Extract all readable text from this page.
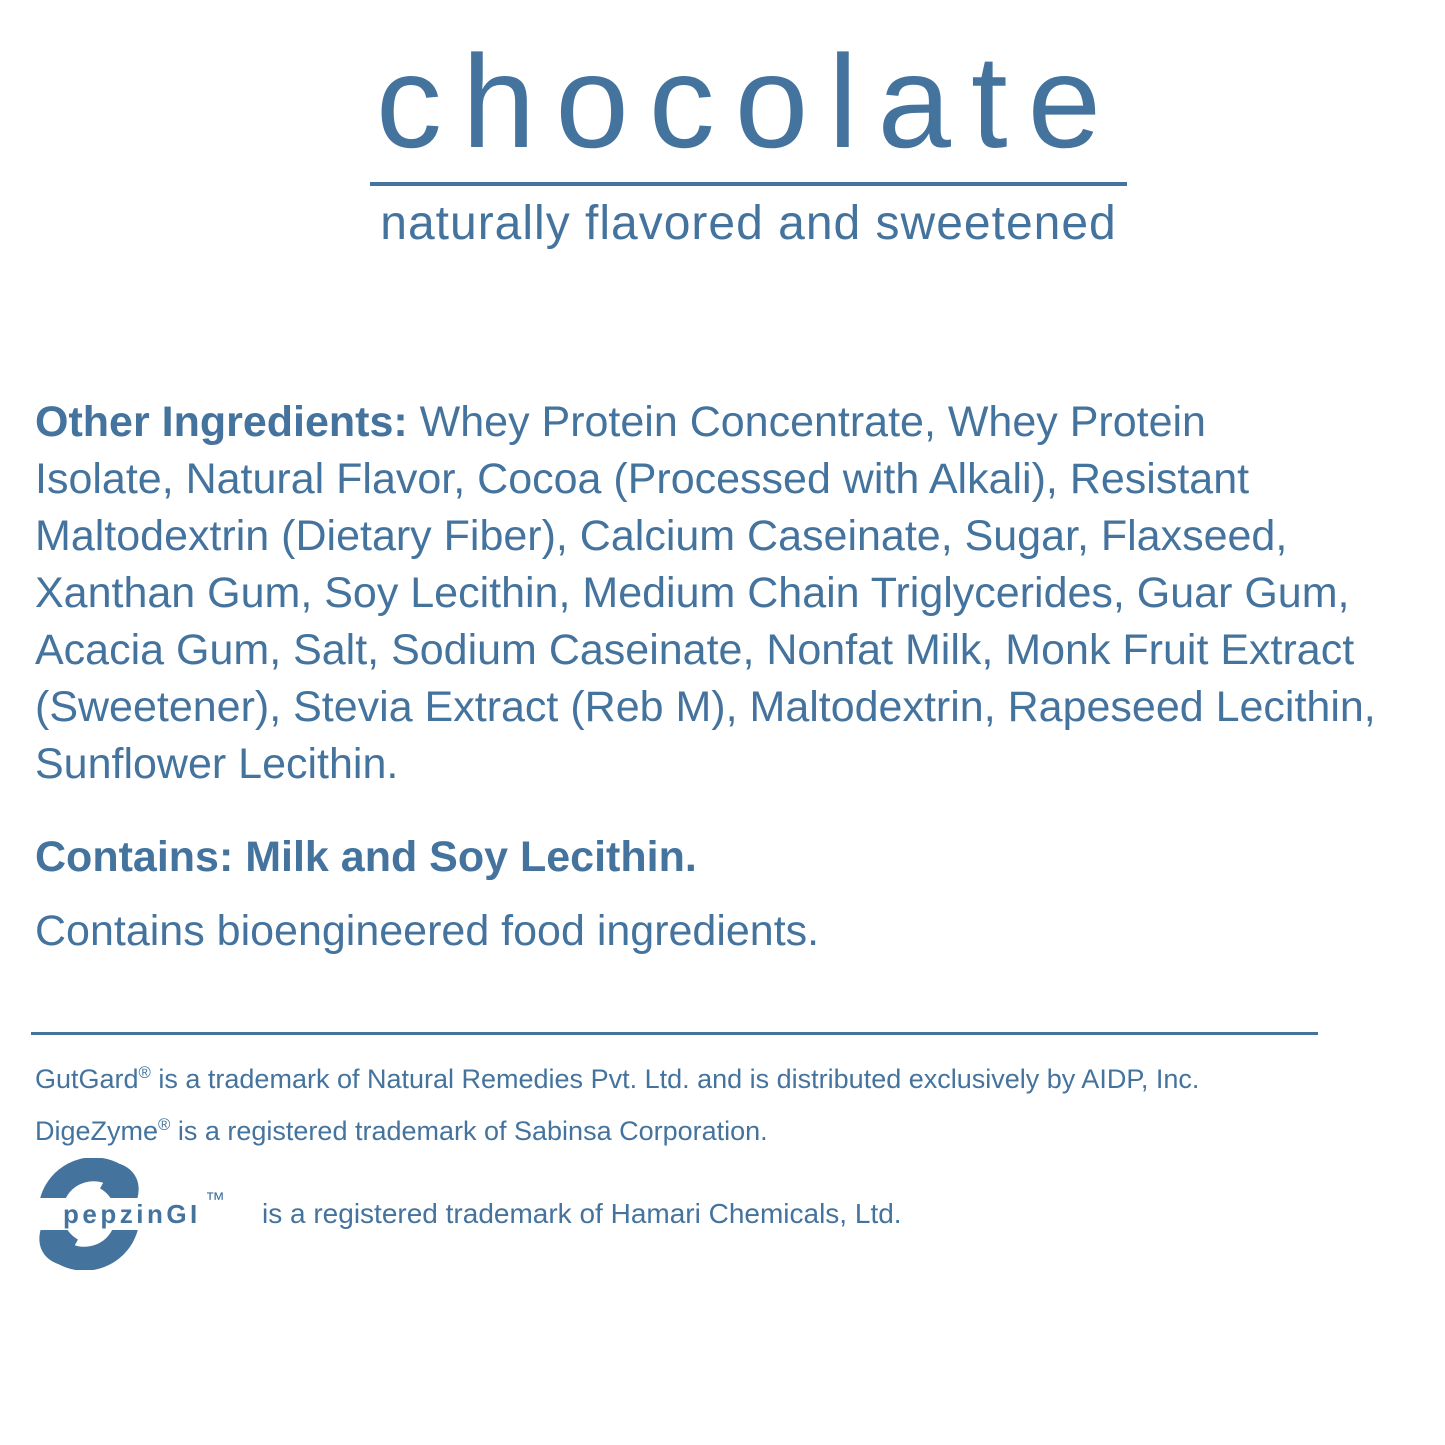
chocolate
naturally flavored and sweetened

Other Ingredients: Whey Protein Concentrate, Whey Protein
Isolate, Natural Flavor, Cocoa (Processed with Alkali), Resistant
Maltodextrin (Dietary Fiber), Calcium Caseinate, Sugar, Flaxseed,
Xanthan Gum, Soy Lecithin, Medium Chain Triglycerides, Guar Gum,
Acacia Gum, Salt, Sodium Caseinate, Nonfat Milk, Monk Fruit Extract
(Sweetener), Stevia Extract (Reb M), Maltodextrin, Rapeseed Lecithin,
Sunflower Lecithin.

Contains: Milk and Soy Lecithin.

Contains bioengineered food ingredients.

GutGard® is a trademark of Natural Remedies Pvt. Ltd. and is distributed exclusively by AIDP, Inc.
DigeZyme® is a registered trademark of Sabinsa Corporation.
pepzinGI ™ is a registered trademark of Hamari Chemicals, Ltd.
